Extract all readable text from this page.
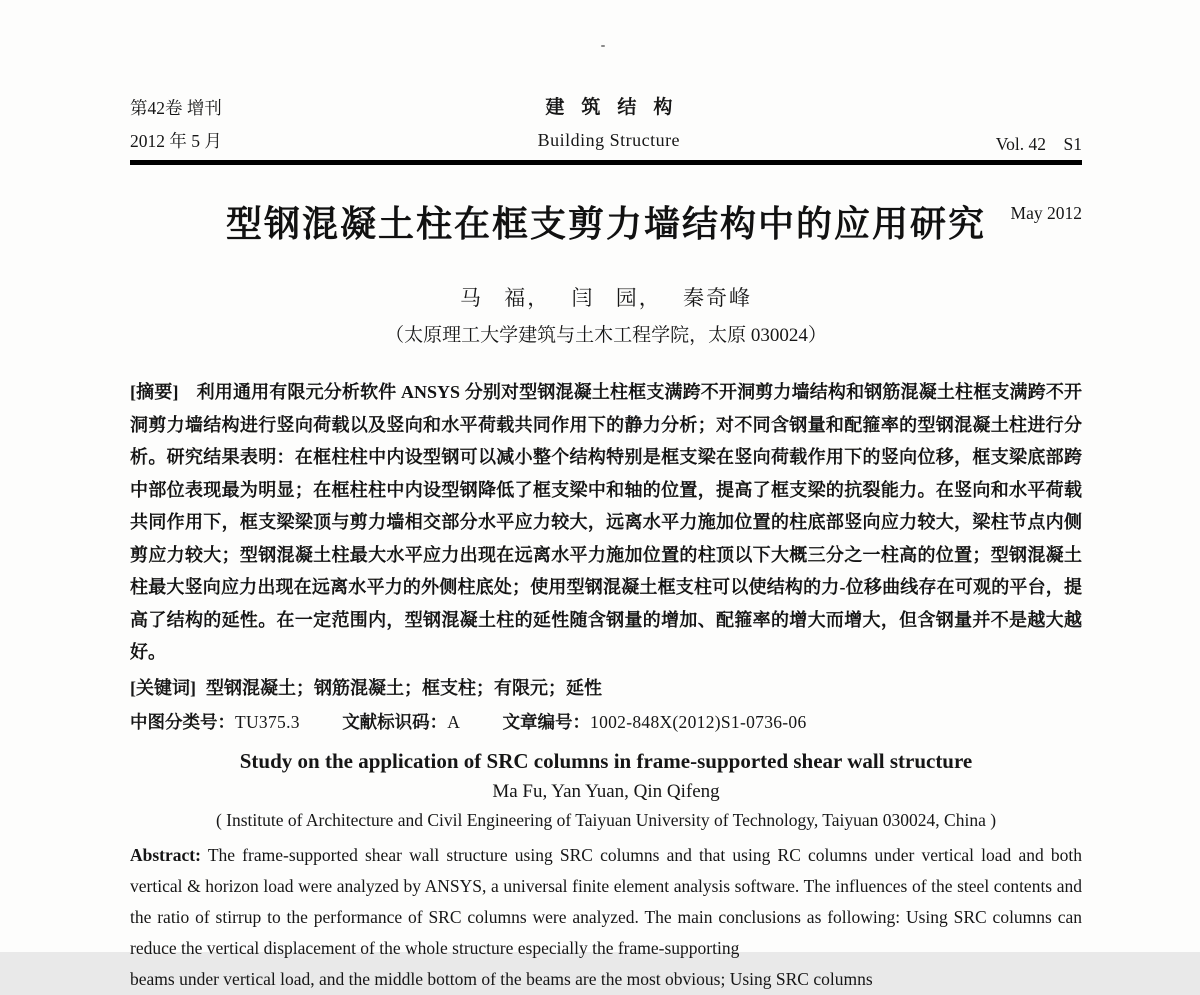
第42卷 增刊
2012 年 5 月
建筑结构
Building Structure

	Vol. 42    S1

May 2012

型钢混凝土柱在框支剪力墙结构中的应用研究
马 福， 闫 园， 秦奇峰
（太原理工大学建筑与土木工程学院，太原 030024）

[摘要]  利用通用有限元分析软件 ANSYS 分别对型钢混凝土柱框支满跨不开洞剪力墙结构和钢筋混凝土柱框支满跨不开洞剪力墙结构进行竖向荷载以及竖向和水平荷载共同作用下的静力分析；对不同含钢量和配箍率的型钢混凝土柱进行分析。研究结果表明：在框柱柱中内设型钢可以减小整个结构特别是框支梁在竖向荷载作用下的竖向位移，框支梁底部跨中部位表现最为明显；在框柱柱中内设型钢降低了框支梁中和轴的位置，提高了框支梁的抗裂能力。在竖向和水平荷载共同作用下，框支梁梁顶与剪力墙相交部分水平应力较大，远离水平力施加位置的柱底部竖向应力较大，梁柱节点内侧剪应力较大；型钢混凝土柱最大水平应力出现在远离水平力施加位置的柱顶以下大概三分之一柱高的位置；型钢混凝土柱最大竖向应力出现在远离水平力的外侧柱底处；使用型钢混凝土框支柱可以使结构的力-位移曲线存在可观的平台，提高了结构的延性。在一定范围内，型钢混凝土柱的延性随含钢量的增加、配箍率的增大而增大，但含钢量并不是越大越好。

[关键词] 型钢混凝土；钢筋混凝土；框支柱；有限元；延性

中图分类号：TU375.3 文献标识码：A 文章编号：1002-848X(2012)S1-0736-06

Study on the application of SRC columns in frame-supported shear wall structure
Ma Fu, Yan Yuan, Qin Qifeng
( Institute of Architecture and Civil Engineering of Taiyuan University of Technology, Taiyuan 030024, China )

Abstract: The frame-supported shear wall structure using SRC columns and that using RC columns under vertical load and both vertical & horizon load were analyzed by ANSYS, a universal finite element analysis software. The influences of the steel contents and the ratio of stirrup to the performance of SRC columns were analyzed. The main conclusions as following: Using SRC columns can reduce the vertical displacement of the whole structure especially the frame-supporting

beams under vertical load, and the middle bottom of the beams are the most obvious; Using SRC columns
